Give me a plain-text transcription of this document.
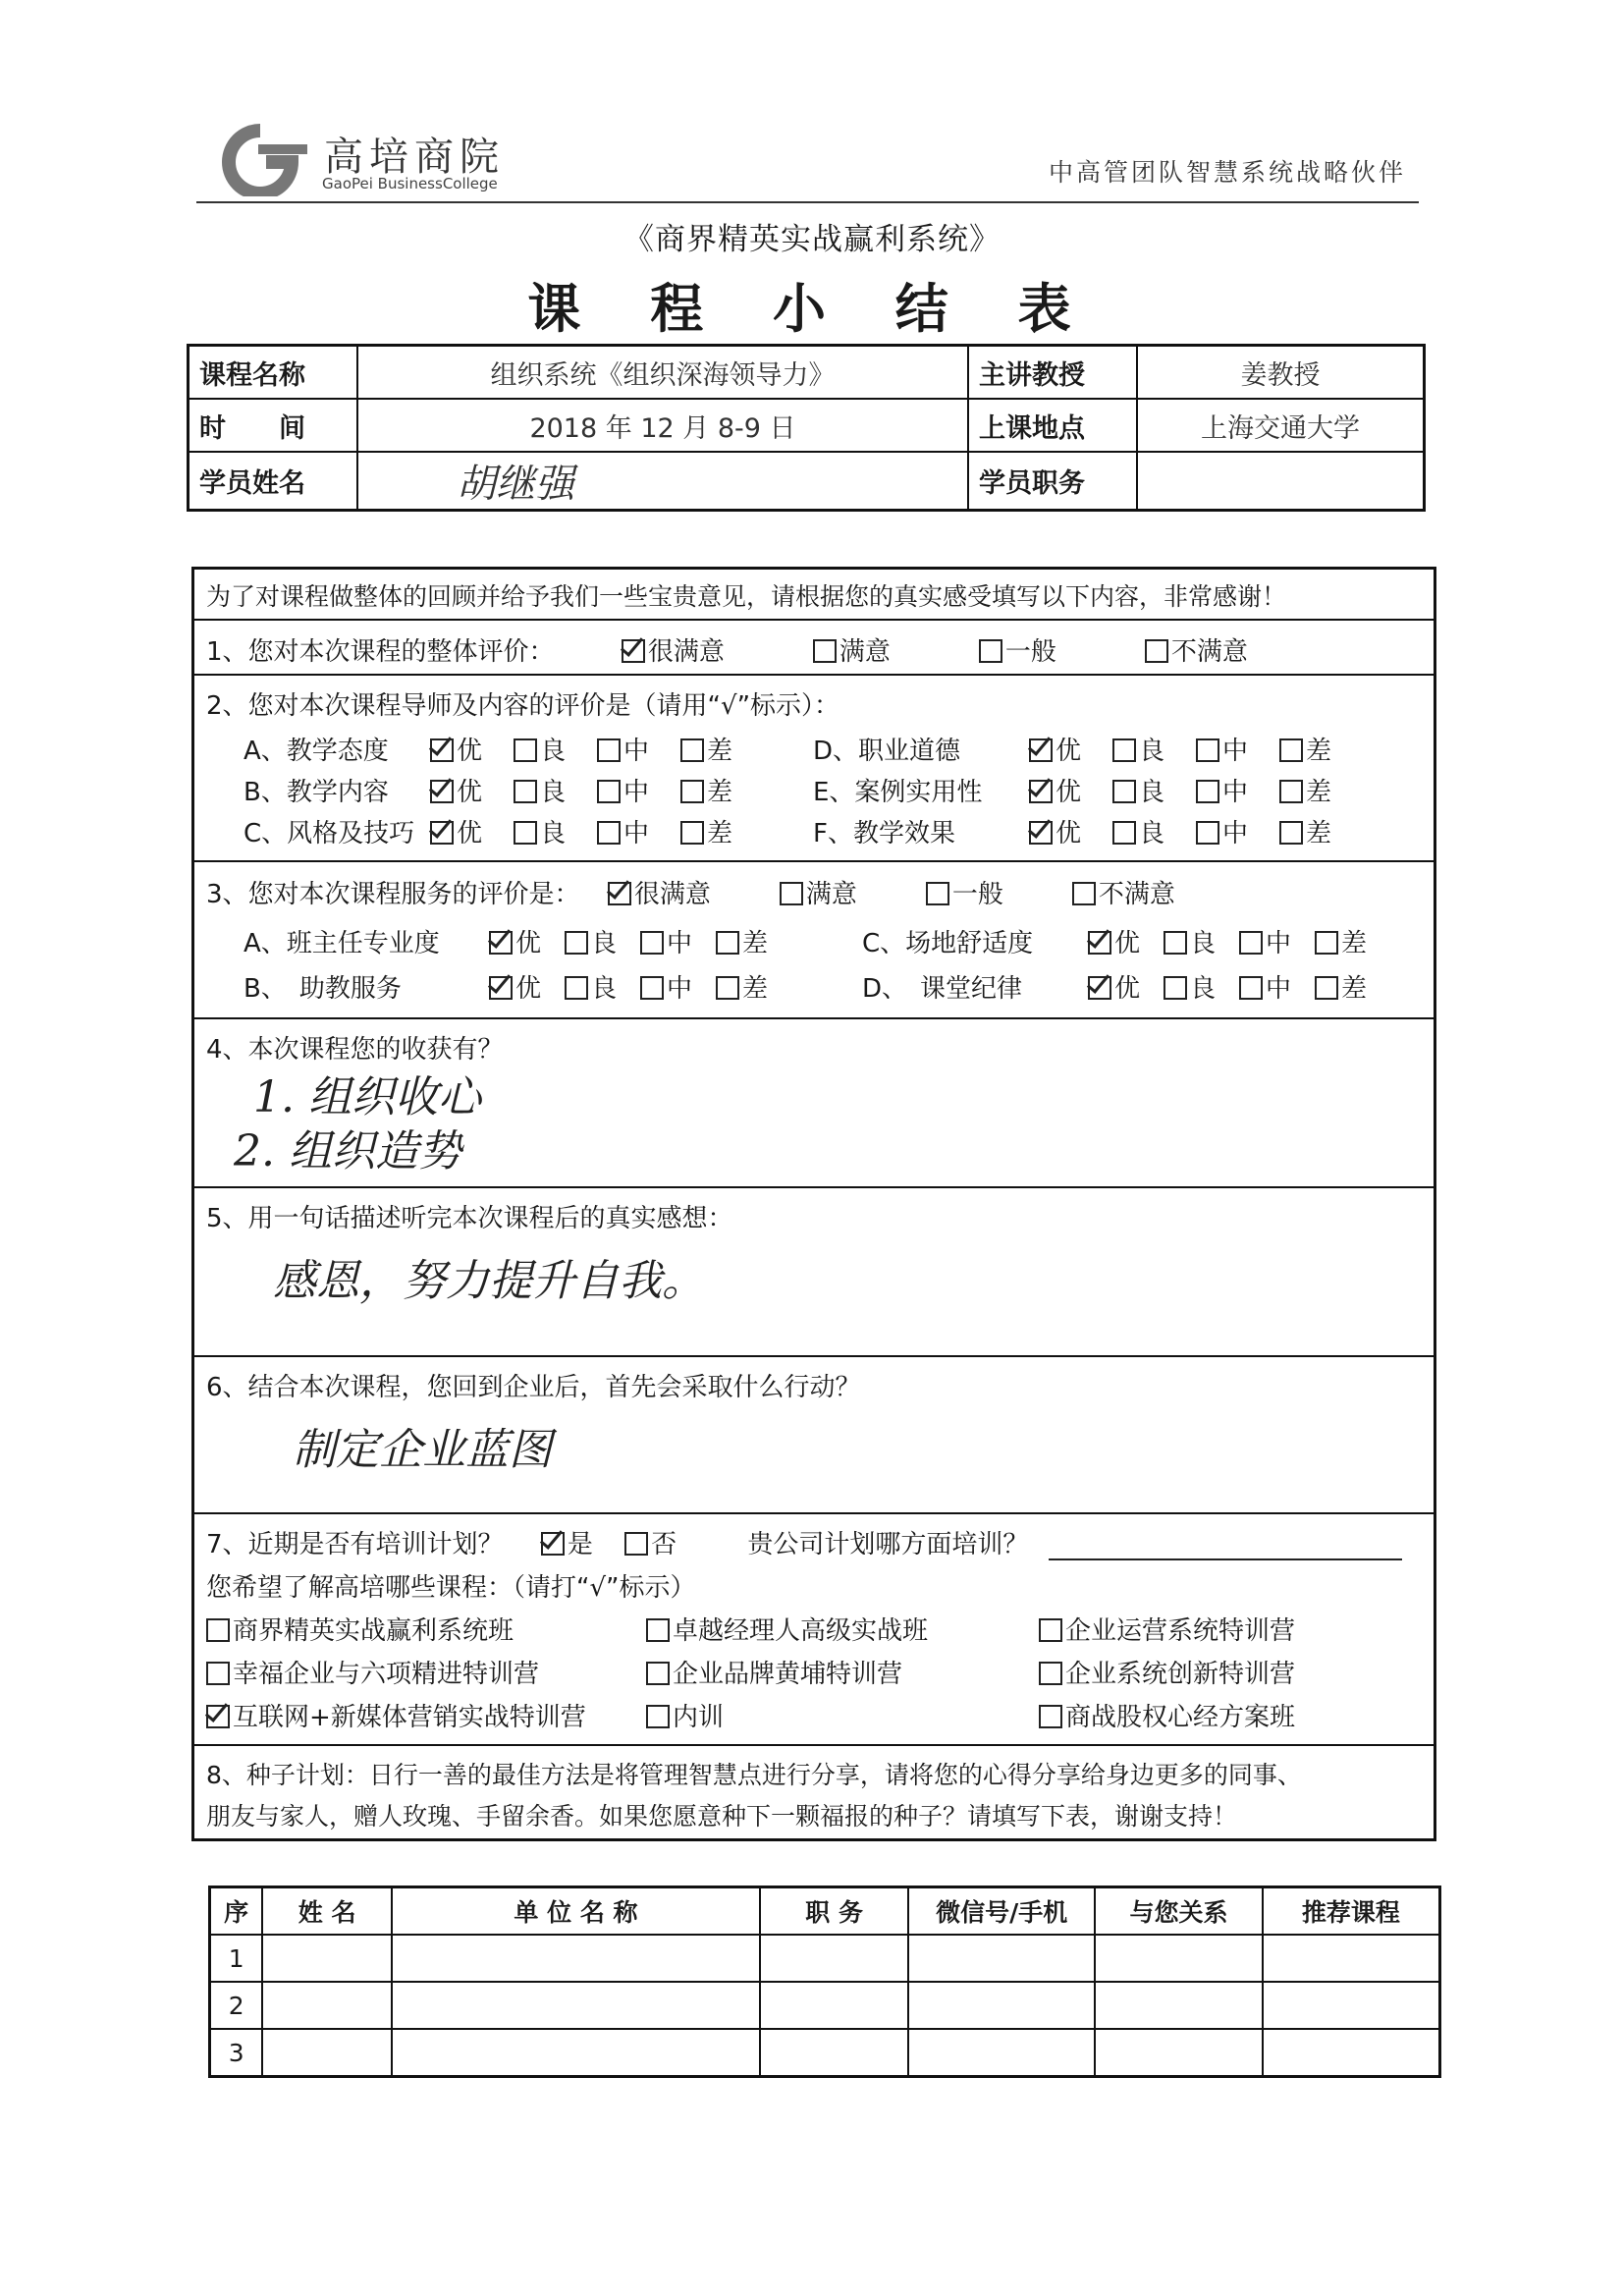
高培商院
GaoPei BusinessCollege	中高管团队智慧系统战略伙伴
《商界精英实战赢利系统》
课 程 小 结 表
课程名称	组织系统《组织深海领导力》	主讲教授	姜教授
时　　间	2018 年 12 月 8-9 日	上课地点	上海交通大学
学员姓名	胡继强	学员职务	
为了对课程做整体的回顾并给予我们一些宝贵意见，请根据您的真实感受填写以下内容，非常感谢！
1、您对本次课程的整体评价：	很满意	满意	一般	不满意
2、您对本次课程导师及内容的评价是（请用“√”标示）：
A、教学态度	优 良 中 差
B、教学内容	优 良 中 差
C、风格及技巧 优 良 中 差
D、职业道德	优 良 中 差
E、案例实用性	优 良 中 差
F、教学效果	优 良 中 差
3、您对本次课程服务的评价是： 很满意	满意	一般	不满意
A、班主任专业度	优 良 中 差
B、　助教服务	优 良 中 差
C、场地舒适度	优 良 中 差
D、　课堂纪律	优 良 中 差
4、本次课程您的收获有？
1. 组织收心
2. 组织造势
5、用一句话描述听完本次课程后的真实感想：
感恩，努力提升自我。
6、结合本次课程，您回到企业后，首先会采取什么行动？
制定企业蓝图
7、近期是否有培训计划？	是 否	贵公司计划哪方面培训？
您希望了解高培哪些课程：（请打“√”标示）
商界精英实战赢利系统班	卓越经理人高级实战班	企业运营系统特训营
幸福企业与六项精进特训营	企业品牌黄埔特训营	企业系统创新特训营
互联网+新媒体营销实战特训营	内训	商战股权心经方案班
8、种子计划：日行一善的最佳方法是将管理智慧点进行分享，请将您的心得分享给身边更多的同事、
朋友与家人，赠人玫瑰、手留余香。如果您愿意种下一颗福报的种子？请填写下表，谢谢支持！
序	姓 名	单 位 名 称	职 务	微信号/手机	与您关系	推荐课程
1						
2						
3						
